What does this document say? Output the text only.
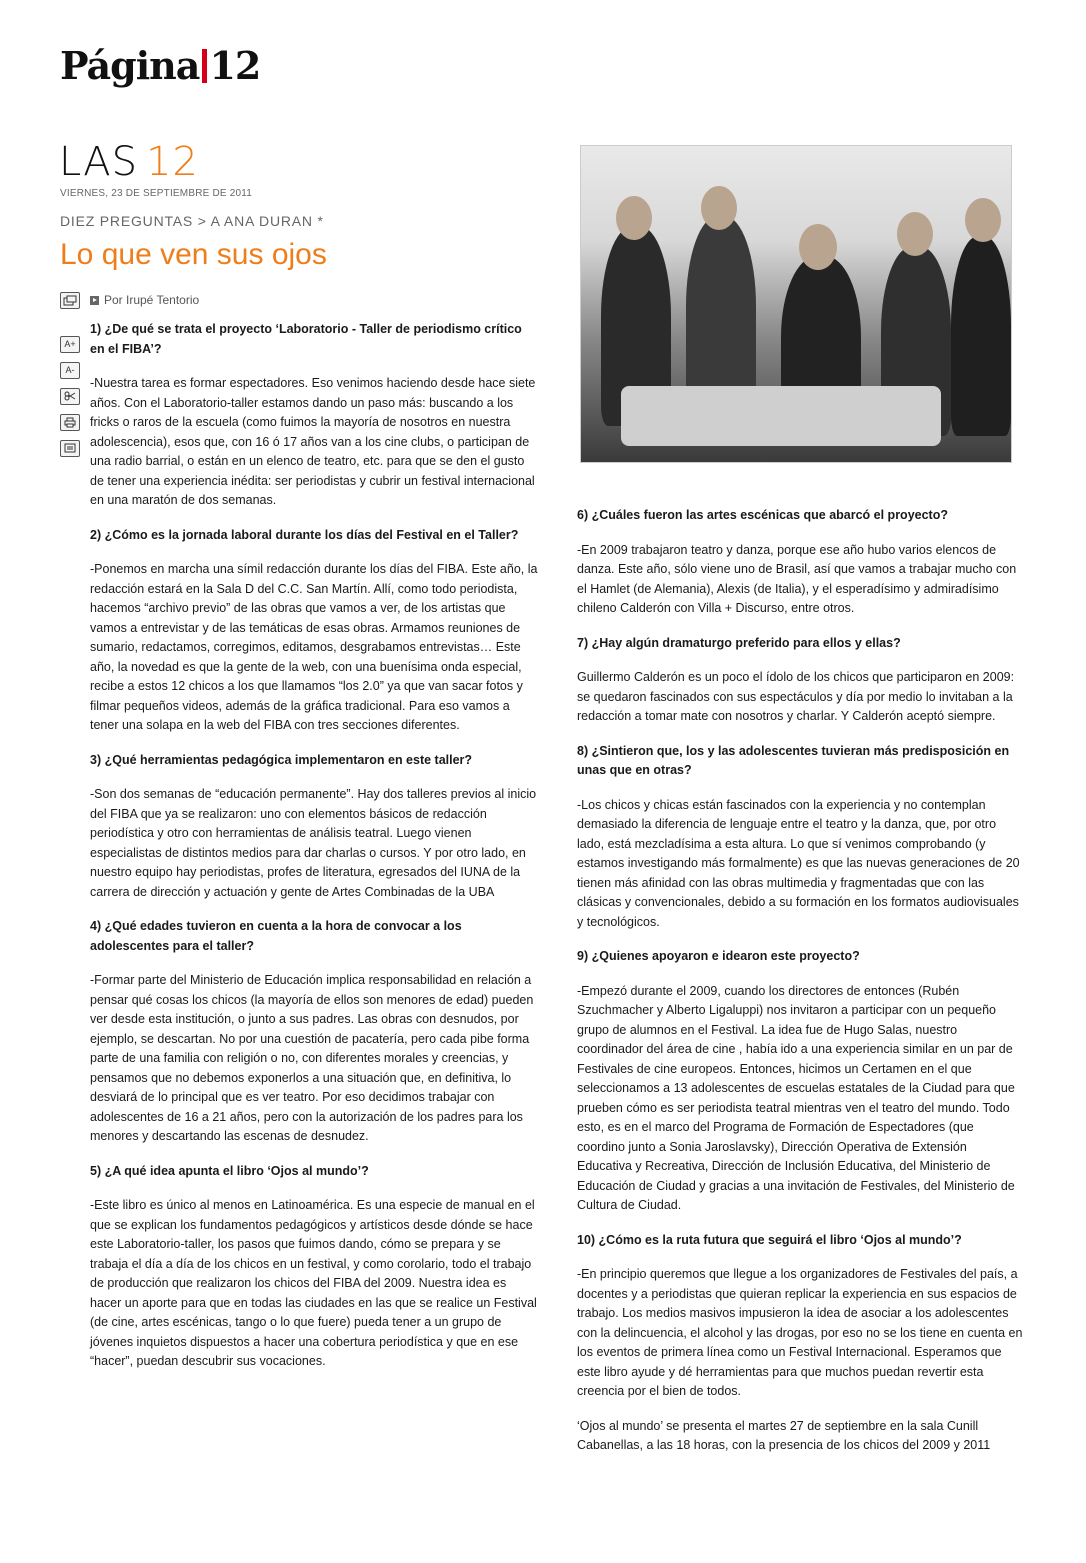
Página 12
LAS 12
VIERNES, 23 DE SEPTIEMBRE DE 2011
DIEZ PREGUNTAS > A ANA DURAN *
Lo que ven sus ojos
A+
A-
Por Irupé Tentorio

1) ¿De qué se trata el proyecto ‘Laboratorio - Taller de periodismo crítico en el FIBA’?

-Nuestra tarea es formar espectadores. Eso venimos haciendo desde hace siete años. Con el Laboratorio-taller estamos dando un paso más: buscando a los fricks o raros de la escuela (como fuimos la mayoría de nosotros en nuestra adolescencia), esos que, con 16 ó 17 años van a los cine clubs, o participan de una radio barrial, o están en un elenco de teatro, etc. para que se den el gusto de tener una experiencia inédita: ser periodistas y cubrir un festival internacional en una maratón de dos semanas.

2) ¿Cómo es la jornada laboral durante los días del Festival en el Taller?

-Ponemos en marcha una símil redacción durante los días del FIBA. Este año, la redacción estará en la Sala D del C.C. San Martín. Allí, como todo periodista, hacemos “archivo previo” de las obras que vamos a ver, de los artistas que vamos a entrevistar y de las temáticas de esas obras. Armamos reuniones de sumario, redactamos, corregimos, editamos, desgrabamos entrevistas… Este año, la novedad es que la gente de la web, con una buenísima onda especial, recibe a estos 12 chicos a los que llamamos “los 2.0” ya que van sacar fotos y filmar pequeños videos, además de la gráfica tradicional. Para eso vamos a tener una solapa en la web del FIBA con tres secciones diferentes.

3) ¿Qué herramientas pedagógica implementaron en este taller?

-Son dos semanas de “educación permanente”. Hay dos talleres previos al inicio del FIBA que ya se realizaron: uno con elementos básicos de redacción periodística y otro con herramientas de análisis teatral. Luego vienen especialistas de distintos medios para dar charlas o cursos. Y por otro lado, en nuestro equipo hay periodistas, profes de literatura, egresados del IUNA de la carrera de dirección y actuación y gente de Artes Combinadas de la UBA

4) ¿Qué edades tuvieron en cuenta a la hora de convocar a los adolescentes para el taller?

-Formar parte del Ministerio de Educación implica responsabilidad en relación a pensar qué cosas los chicos (la mayoría de ellos son menores de edad) pueden ver desde esta institución, o junto a sus padres. Las obras con desnudos, por ejemplo, se descartan. No por una cuestión de pacatería, pero cada pibe forma parte de una familia con religión o no, con diferentes morales y creencias, y pensamos que no debemos exponerlos a una situación que, en definitiva, lo desviará de lo principal que es ver teatro. Por eso decidimos trabajar con adolescentes de 16 a 21 años, pero con la autorización de los padres para los menores y descartando las escenas de desnudez.

5) ¿A qué idea apunta el libro ‘Ojos al mundo’?

-Este libro es único al menos en Latinoamérica. Es una especie de manual en el que se explican los fundamentos pedagógicos y artísticos desde dónde se hace este Laboratorio-taller, los pasos que fuimos dando, cómo se prepara y se trabaja el día a día de los chicos en un festival, y como corolario, todo el trabajo de producción que realizaron los chicos del FIBA del 2009. Nuestra idea es hacer un aporte para que en todas las ciudades en las que se realice un Festival (de cine, artes escénicas, tango o lo que fuere) pueda tener a un grupo de jóvenes inquietos dispuestos a hacer una cobertura periodística y que en ese “hacer”, puedan descubrir sus vocaciones.

6) ¿Cuáles fueron las artes escénicas que abarcó el proyecto?

-En 2009 trabajaron teatro y danza, porque ese año hubo varios elencos de danza. Este año, sólo viene uno de Brasil, así que vamos a trabajar mucho con el Hamlet (de Alemania), Alexis (de Italia), y el esperadísimo y admiradísimo chileno Calderón con Villa + Discurso, entre otros.

7) ¿Hay algún dramaturgo preferido para ellos y ellas?

Guillermo Calderón es un poco el ídolo de los chicos que participaron en 2009: se quedaron fascinados con sus espectáculos y día por medio lo invitaban a la redacción a tomar mate con nosotros y charlar. Y Calderón aceptó siempre.

8) ¿Sintieron que, los y las adolescentes tuvieran más predisposición en unas que en otras?

-Los chicos y chicas están fascinados con la experiencia y no contemplan demasiado la diferencia de lenguaje entre el teatro y la danza, que, por otro lado, está mezcladísima a esta altura. Lo que sí venimos comprobando (y estamos investigando más formalmente) es que las nuevas generaciones de 20 tienen más afinidad con las obras multimedia y fragmentadas que con las clásicas y convencionales, debido a su formación en los formatos audiovisuales y tecnológicos.

9) ¿Quienes apoyaron e idearon este proyecto?

-Empezó durante el 2009, cuando los directores de entonces (Rubén Szuchmacher y Alberto Ligaluppi) nos invitaron a participar con un pequeño grupo de alumnos en el Festival. La idea fue de Hugo Salas, nuestro coordinador del área de cine , había ido a una experiencia similar en un par de Festivales de cine europeos. Entonces, hicimos un Certamen en el que seleccionamos a 13 adolescentes de escuelas estatales de la Ciudad para que prueben cómo es ser periodista teatral mientras ven el teatro del mundo. Todo esto, es en el marco del Programa de Formación de Espectadores (que coordino junto a Sonia Jaroslavsky), Dirección Operativa de Extensión Educativa y Recreativa, Dirección de Inclusión Educativa, del Ministerio de Educación de Ciudad y gracias a una invitación de Festivales, del Ministerio de Cultura de Ciudad.

10) ¿Cómo es la ruta futura que seguirá el libro ‘Ojos al mundo’?

-En principio queremos que llegue a los organizadores de Festivales del país, a docentes y a periodistas que quieran replicar la experiencia en sus espacios de trabajo. Los medios masivos impusieron la idea de asociar a los adolescentes con la delincuencia, el alcohol y las drogas, por eso no se los tiene en cuenta en los eventos de primera línea como un Festival Internacional. Esperamos que este libro ayude y dé herramientas para que muchos puedan revertir esta creencia por el bien de todos.

‘Ojos al mundo’ se presenta el martes 27 de septiembre en la sala Cunill Cabanellas, a las 18 horas, con la presencia de los chicos del 2009 y 2011
